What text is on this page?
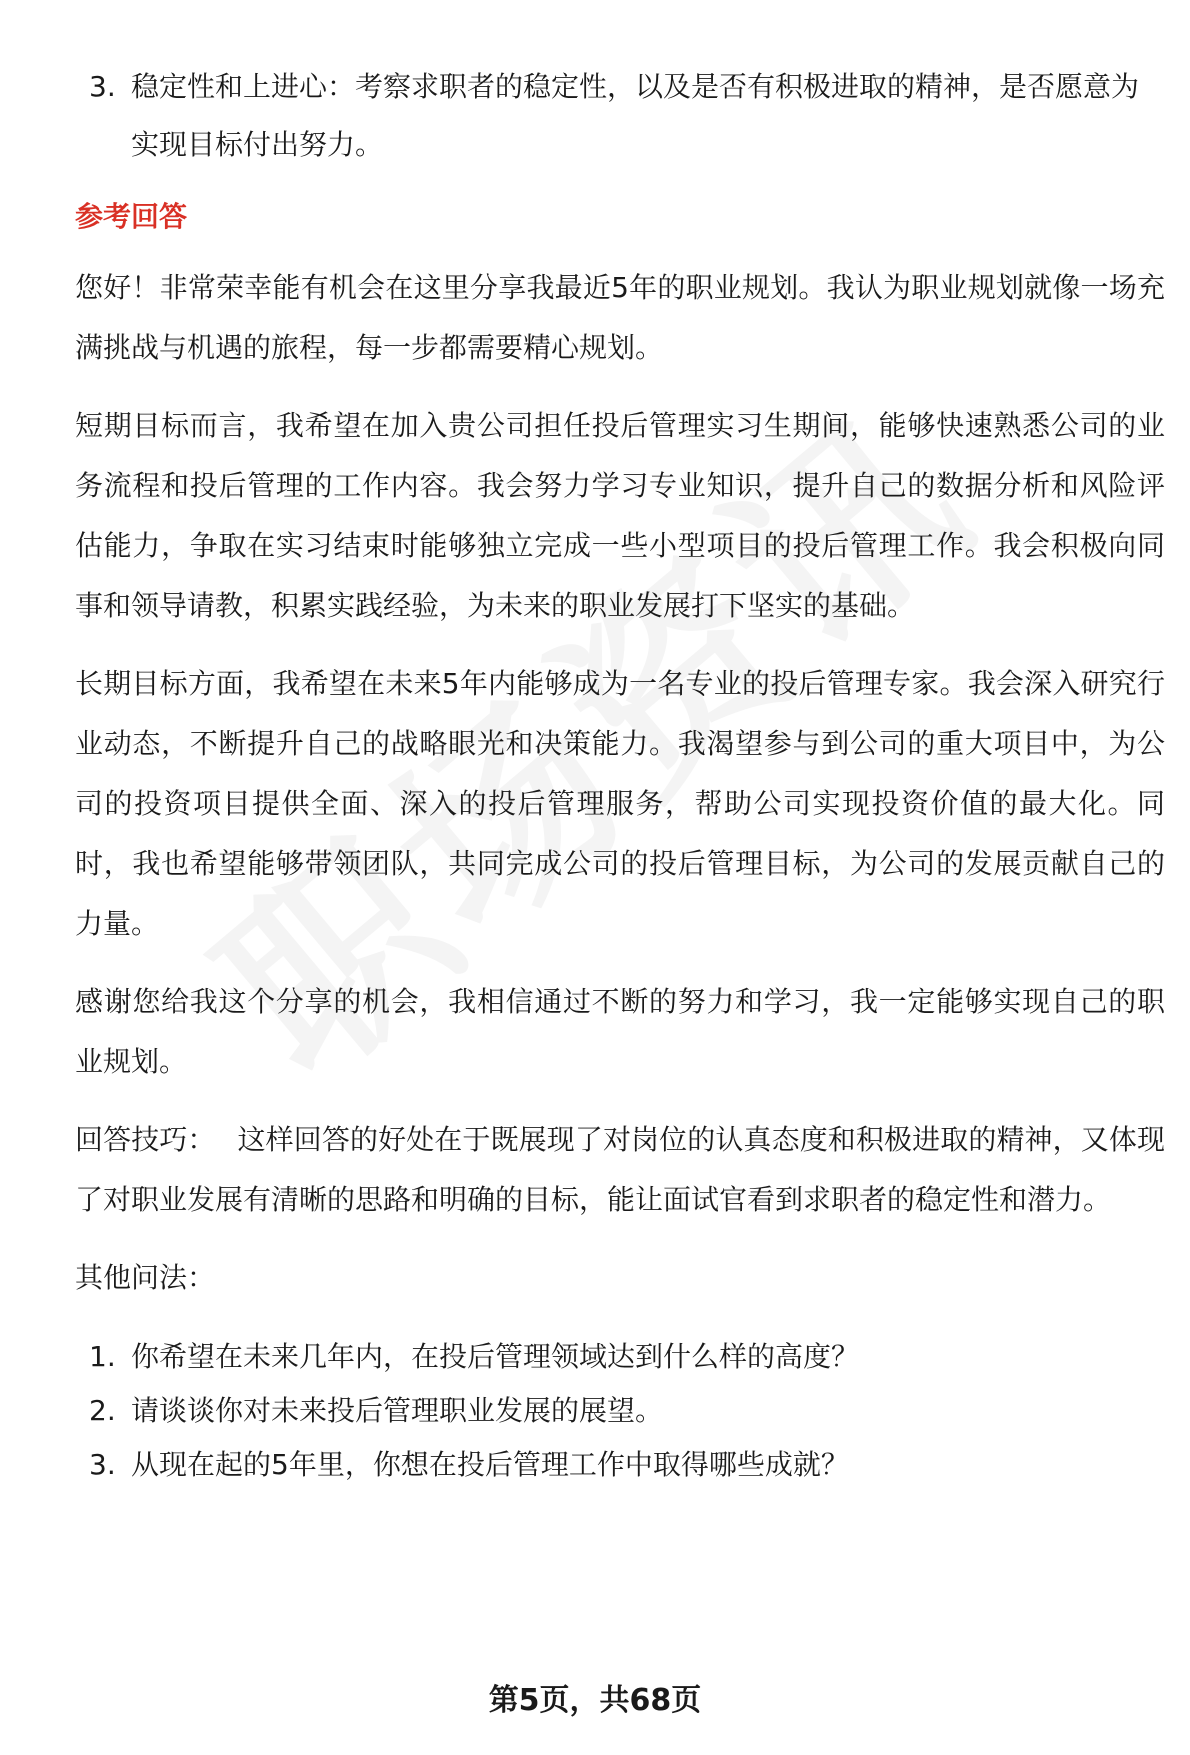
3. 稳定性和上进心：考察求职者的稳定性，以及是否有积极进取的精神，是否愿意为实现目标付出努力。
参考回答

您好！非常荣幸能有机会在这里分享我最近5年的职业规划。我认为职业规划就像一场充满挑战与机遇的旅程，每一步都需要精心规划。

短期目标而言，我希望在加入贵公司担任投后管理实习生期间，能够快速熟悉公司的业务流程和投后管理的工作内容。我会努力学习专业知识，提升自己的数据分析和风险评估能力，争取在实习结束时能够独立完成一些小型项目的投后管理工作。我会积极向同事和领导请教，积累实践经验，为未来的职业发展打下坚实的基础。

长期目标方面，我希望在未来5年内能够成为一名专业的投后管理专家。我会深入研究行业动态，不断提升自己的战略眼光和决策能力。我渴望参与到公司的重大项目中，为公司的投资项目提供全面、深入的投后管理服务，帮助公司实现投资价值的最大化。同时，我也希望能够带领团队，共同完成公司的投后管理目标，为公司的发展贡献自己的力量。

感谢您给我这个分享的机会，我相信通过不断的努力和学习，我一定能够实现自己的职业规划。

回答技巧： 这样回答的好处在于既展现了对岗位的认真态度和积极进取的精神，又体现了对职业发展有清晰的思路和明确的目标，能让面试官看到求职者的稳定性和潜力。

其他问法：

1. 你希望在未来几年内，在投后管理领域达到什么样的高度？
2. 请谈谈你对未来投后管理职业发展的展望。
3. 从现在起的5年里，你想在投后管理工作中取得哪些成就？
第5页，共68页
